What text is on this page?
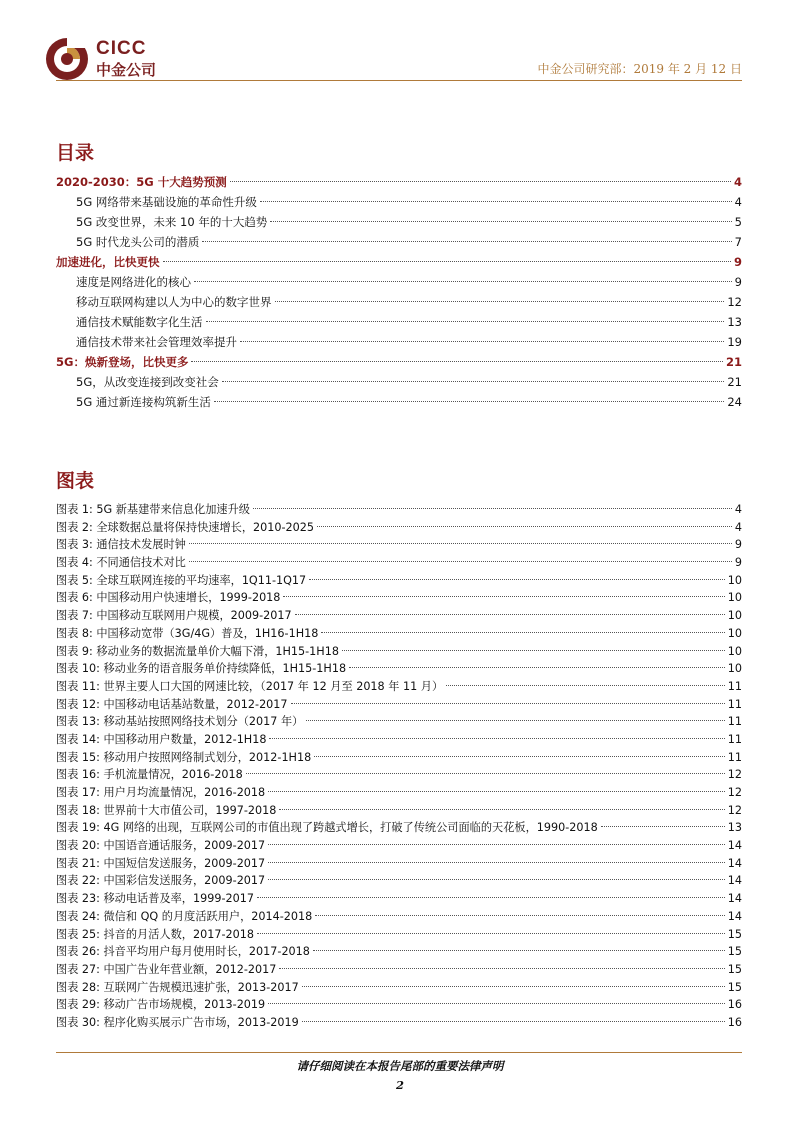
CICC
中金公司	中金公司研究部：2019 年 2 月 12 日
目录
2020-2030：5G 十大趋势预测	4
5G 网络带来基础设施的革命性升级	4
5G 改变世界，未来 10 年的十大趋势	5
5G 时代龙头公司的潜质	7
加速进化，比快更快	9
速度是网络进化的核心	9
移动互联网构建以人为中心的数字世界	12
通信技术赋能数字化生活	13
通信技术带来社会管理效率提升	19
5G：焕新登场，比快更多	21
5G，从改变连接到改变社会	21
5G 通过新连接构筑新生活	24
图表
图表 1: 5G 新基建带来信息化加速升级	4
图表 2: 全球数据总量将保持快速增长，2010-2025	4
图表 3: 通信技术发展时钟	9
图表 4: 不同通信技术对比	9
图表 5: 全球互联网连接的平均速率，1Q11-1Q17	10
图表 6: 中国移动用户快速增长，1999-2018	10
图表 7: 中国移动互联网用户规模，2009-2017	10
图表 8: 中国移动宽带（3G/4G）普及，1H16-1H18	10
图表 9: 移动业务的数据流量单价大幅下滑，1H15-1H18	10
图表 10: 移动业务的语音服务单价持续降低，1H15-1H18	10
图表 11: 世界主要人口大国的网速比较，（2017 年 12 月至 2018 年 11 月）	11
图表 12: 中国移动电话基站数量，2012-2017	11
图表 13: 移动基站按照网络技术划分（2017 年）	11
图表 14: 中国移动用户数量，2012-1H18	11
图表 15: 移动用户按照网络制式划分，2012-1H18	11
图表 16: 手机流量情况，2016-2018	12
图表 17: 用户月均流量情况，2016-2018	12
图表 18: 世界前十大市值公司，1997-2018	12
图表 19: 4G 网络的出现，互联网公司的市值出现了跨越式增长，打破了传统公司面临的天花板，1990-2018	13
图表 20: 中国语音通话服务，2009-2017	14
图表 21: 中国短信发送服务，2009-2017	14
图表 22: 中国彩信发送服务，2009-2017	14
图表 23: 移动电话普及率，1999-2017	14
图表 24: 微信和 QQ 的月度活跃用户，2014-2018	14
图表 25: 抖音的月活人数，2017-2018	15
图表 26: 抖音平均用户每月使用时长，2017-2018	15
图表 27: 中国广告业年营业额，2012-2017	15
图表 28: 互联网广告规模迅速扩张，2013-2017	15
图表 29: 移动广告市场规模，2013-2019	16
图表 30: 程序化购买展示广告市场，2013-2019	16
请仔细阅读在本报告尾部的重要法律声明
2
